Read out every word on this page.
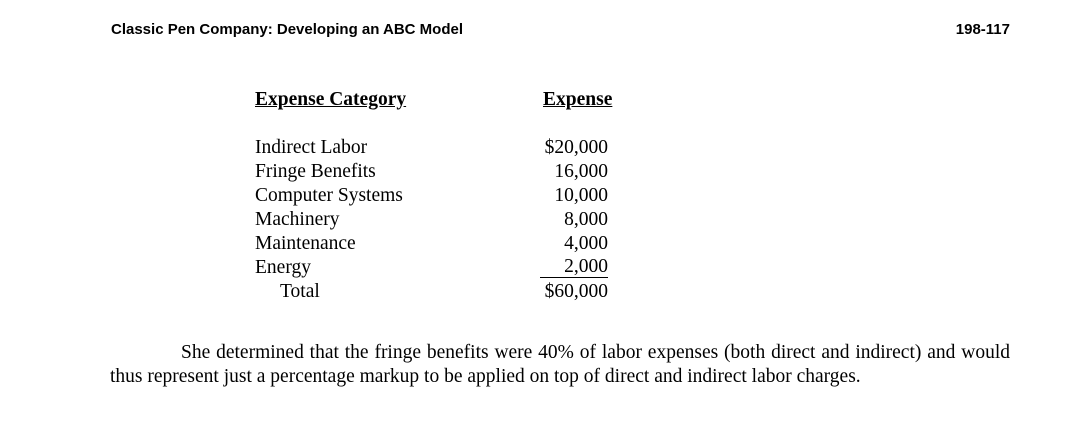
Classic Pen Company: Developing an ABC Model	198-117
Expense Category	Expense
Indirect Labor	$20,000
Fringe Benefits	16,000
Computer Systems	10,000
Machinery	8,000
Maintenance	4,000
Energy	2,000
Total	$60,000

She determined that the fringe benefits were 40% of labor expenses (both direct and indirect) and would thus represent just a percentage markup to be applied on top of direct and indirect labor charges.
